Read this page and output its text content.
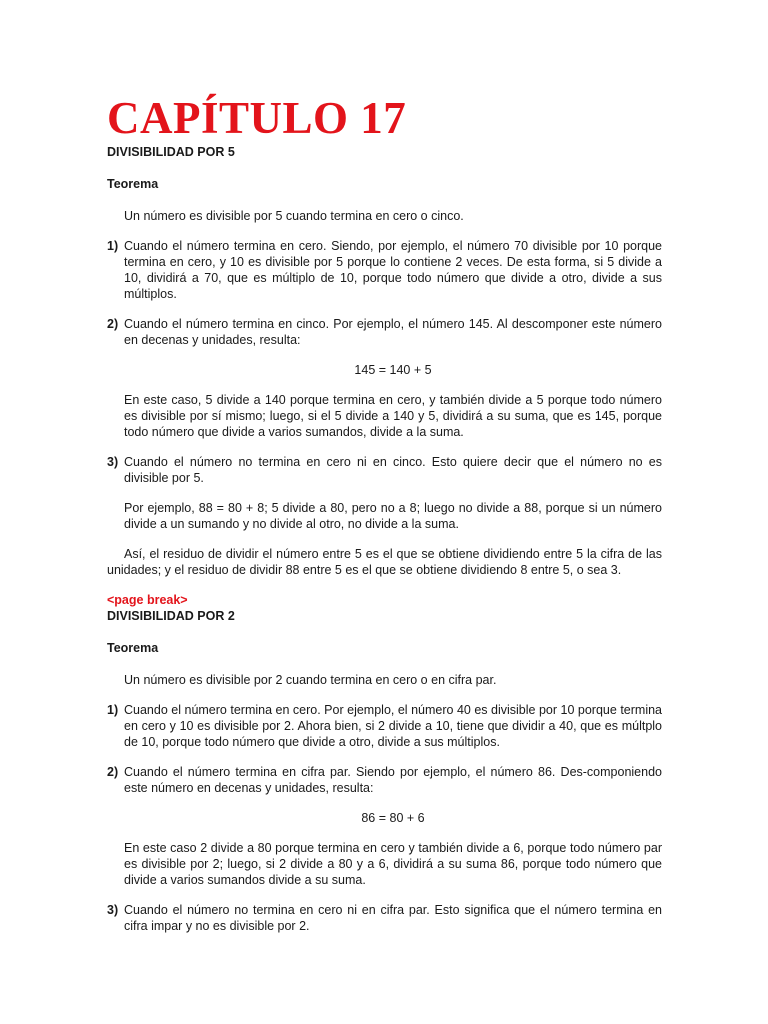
CAPÍTULO 17

DIVISIBILIDAD POR 5

Teorema

Un número es divisible por 5 cuando termina en cero o cinco.

1) Cuando el número termina en cero. Siendo, por ejemplo, el número 70 divisible por 10 porque termina en cero, y 10 es divisible por 5 porque lo contiene 2 veces. De esta forma, si 5 divide a 10, dividirá a 70, que es múltiplo de 10, porque todo número que divide a otro, divide a sus múltiplos.
2) Cuando el número termina en cinco. Por ejemplo, el número 145. Al descomponer este número en decenas y unidades, resulta:

145 = 140 + 5

En este caso, 5 divide a 140 porque termina en cero, y también divide a 5 porque todo número es divisible por sí mismo; luego, si el 5 divide a 140 y 5, dividirá a su suma, que es 145, porque todo número que divide a varios sumandos, divide a la suma.

3) Cuando el número no termina en cero ni en cinco. Esto quiere decir que el número no es divisible por 5.

Por ejemplo, 88 = 80 + 8; 5 divide a 80, pero no a 8; luego no divide a 88, porque si un número divide a un sumando y no divide al otro, no divide a la suma.

Así, el residuo de dividir el número entre 5 es el que se obtiene dividiendo entre 5 la cifra de las unidades; y el residuo de dividir 88 entre 5 es el que se obtiene dividiendo 8 entre 5, o sea 3.

<page break>

DIVISIBILIDAD POR 2

Teorema

Un número es divisible por 2 cuando termina en cero o en cifra par.

1) Cuando el número termina en cero. Por ejemplo, el número 40 es divisible por 10 porque termina en cero y 10 es divisible por 2. Ahora bien, si 2 divide a 10, tiene que dividir a 40, que es múltplo de 10, porque todo número que divide a otro, divide a sus múltiplos.
2) Cuando el número termina en cifra par. Siendo por ejemplo, el número 86. Des-componiendo este número en decenas y unidades, resulta:

86 = 80 + 6

En este caso 2 divide a 80 porque termina en cero y también divide a 6, porque todo número par es divisible por 2; luego, si 2 divide a 80 y a 6, dividirá a su suma 86, porque todo número que divide a varios sumandos divide a su suma.

3) Cuando el número no termina en cero ni en cifra par. Esto significa que el número termina en cifra impar y no es divisible por 2.
